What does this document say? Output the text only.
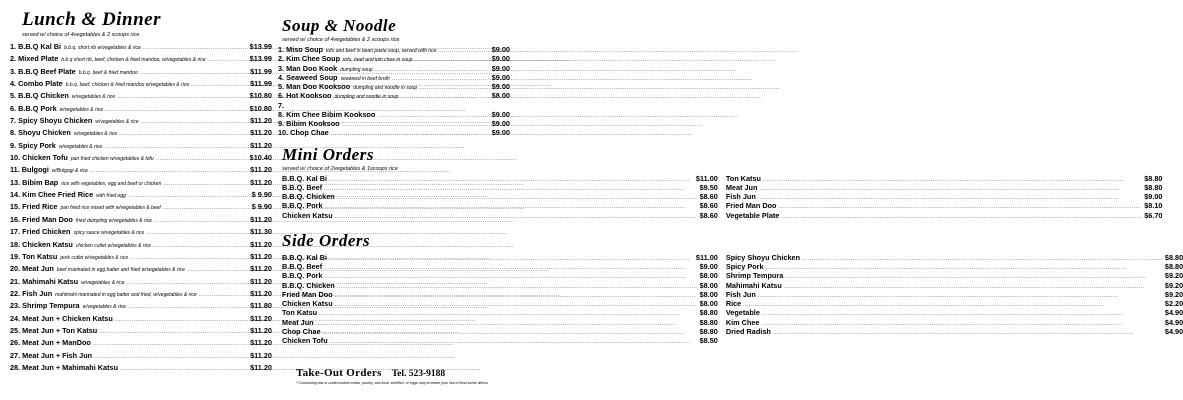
Lunch & Dinner
served w/ choice of 4vegetables & 2 scoops rice
1. B.B.Q Kal Bi b.b.q. short rib w/vegetables & rice .....	$13.99
2. Mixed Plate b.b.q short rib, beef, chicken & fried mandoo, w/vegetables & rice .....	$13.99
3. B.B.Q Beef Plate b.b.q. beef & fried mandoo .....	$11.99
4. Combo Plate b.b.q. beef, chicken & fried mandoo w/vegetables & rice .....	$11.99
5. B.B.Q Chicken w/vegetables & rice .....	$10.80
6. B.B.Q Pork w/vegetables & rice .....	$10.80
7. Spicy Shoyu Chicken w/vegetables & rice .....	$11.20
8. Shoyu Chicken w/vegetables & rice .....	$11.20
9. Spicy Pork w/vegetables & rice .....	$11.20
10. Chicken Tofu pan fried chicken w/vegetables & tofu .....	$10.40
11. Bulgogi w/Bulgogi & rice .....	$11.20
13. Bibim Bap rice with vegetables, egg and beef or chicken .....	$11.20
14. Kim Chee Fried Rice with fried egg .....	$ 9.90
15. Fried Rice pan fried rice mixed with w/vegetables & beef .....	$ 9.90
16. Fried Man Doo fried dumpling w/vegetables & rice .....	$11.20
17. Fried Chicken spicy sauce w/vegetables & rice .....	$11.30
18. Chicken Katsu chicken cutlet w/vegetables & rice .....	$11.20
19. Ton Katsu pork cutlet w/vegetables & rice .....	$11.20
20. Meat Jun beef marinated in egg batter and fried w/vegetables & rice .....	$11.20
21. Mahimahi Katsu w/vegetables & rice .....	$11.20
22. Fish Jun mahimahi marinated in egg batter and fried, w/vegetables & rice .....	$11.20
23. Shrimp Tempura w/vegetables & rice .....	$11.80
24. Meat Jun + Chicken Katsu .....	$11.20
25. Meat Jun + Ton Katsu .....	$11.20
26. Meat Jun + ManDoo .....	$11.20
27. Meat Jun + Fish Jun .....	$11.20
28. Meat Jun + Mahimahi Katsu .....	$11.20
Soup & Noodle
served w/ choice of 4vegetables & 2 scoops rice
1. Miso Soup tofu and beef in bean paste soup, served with rice .....	$9.00
2. Kim Chee Soup tofu, beef and kim chee in soup .....	$9.00
3. Man Doo Kook dumpling soup .....	$9.00
4. Seaweed Soup seaweed in beef broth .....	$9.00
5. Man Doo Kooksoo dumpling and noodle in soup .....	$9.00
6. Hot Kooksoo dumpling and noodle in soup .....	$8.00
7.
8. Kim Chee Bibim Kooksoo .....	$9.00
9. Bibim Kooksoo .....	$9.00
10. Chop Chae .....	$9.00
Mini Orders
served w/ choice of 2vegetables & 1scoops rice
B.B.Q. Kal Bi .....	$11.00
B.B.Q. Beef .....	$9.50
B.B.Q. Chicken .....	$8.60
B.B.Q. Pork .....	$8.60
Chicken Katsu .....	$8.60
Ton Katsu .....	$8.80
Meat Jun .....	$8.80
Fish Jun .....	$9.00
Fried Man Doo .....	$8.10
Vegetable Plate .....	$6.70
Side Orders
B.B.Q. Kal Bi .....	$11.00
B.B.Q. Beef .....	$9.00
B.B.Q. Pork .....	$8.00
B.B.Q. Chicken .....	$8.00
Fried Man Doo .....	$8.00
Chicken Katsu .....	$8.00
Ton Katsu .....	$8.80
Meat Jun .....	$8.80
Chop Chae .....	$8.80
Chicken Tofu .....	$8.50
Spicy Shoyu Chicken .....	$8.80
Spicy Pork .....	$8.80
Shrimp Tempura .....	$9.20
Mahimahi Katsu .....	$9.20
Fish Jun .....	$9.20
Rice .....	$2.20
Vegetable .....	$4.90
Kim Chee .....	$4.90
Dried Radish .....	$4.90
Take-Out Orders Tel. 523-9188
* Consuming raw or undercooked meats, poultry, sea-food, shellfish, or eggs may increase your risk of food-borne illness
